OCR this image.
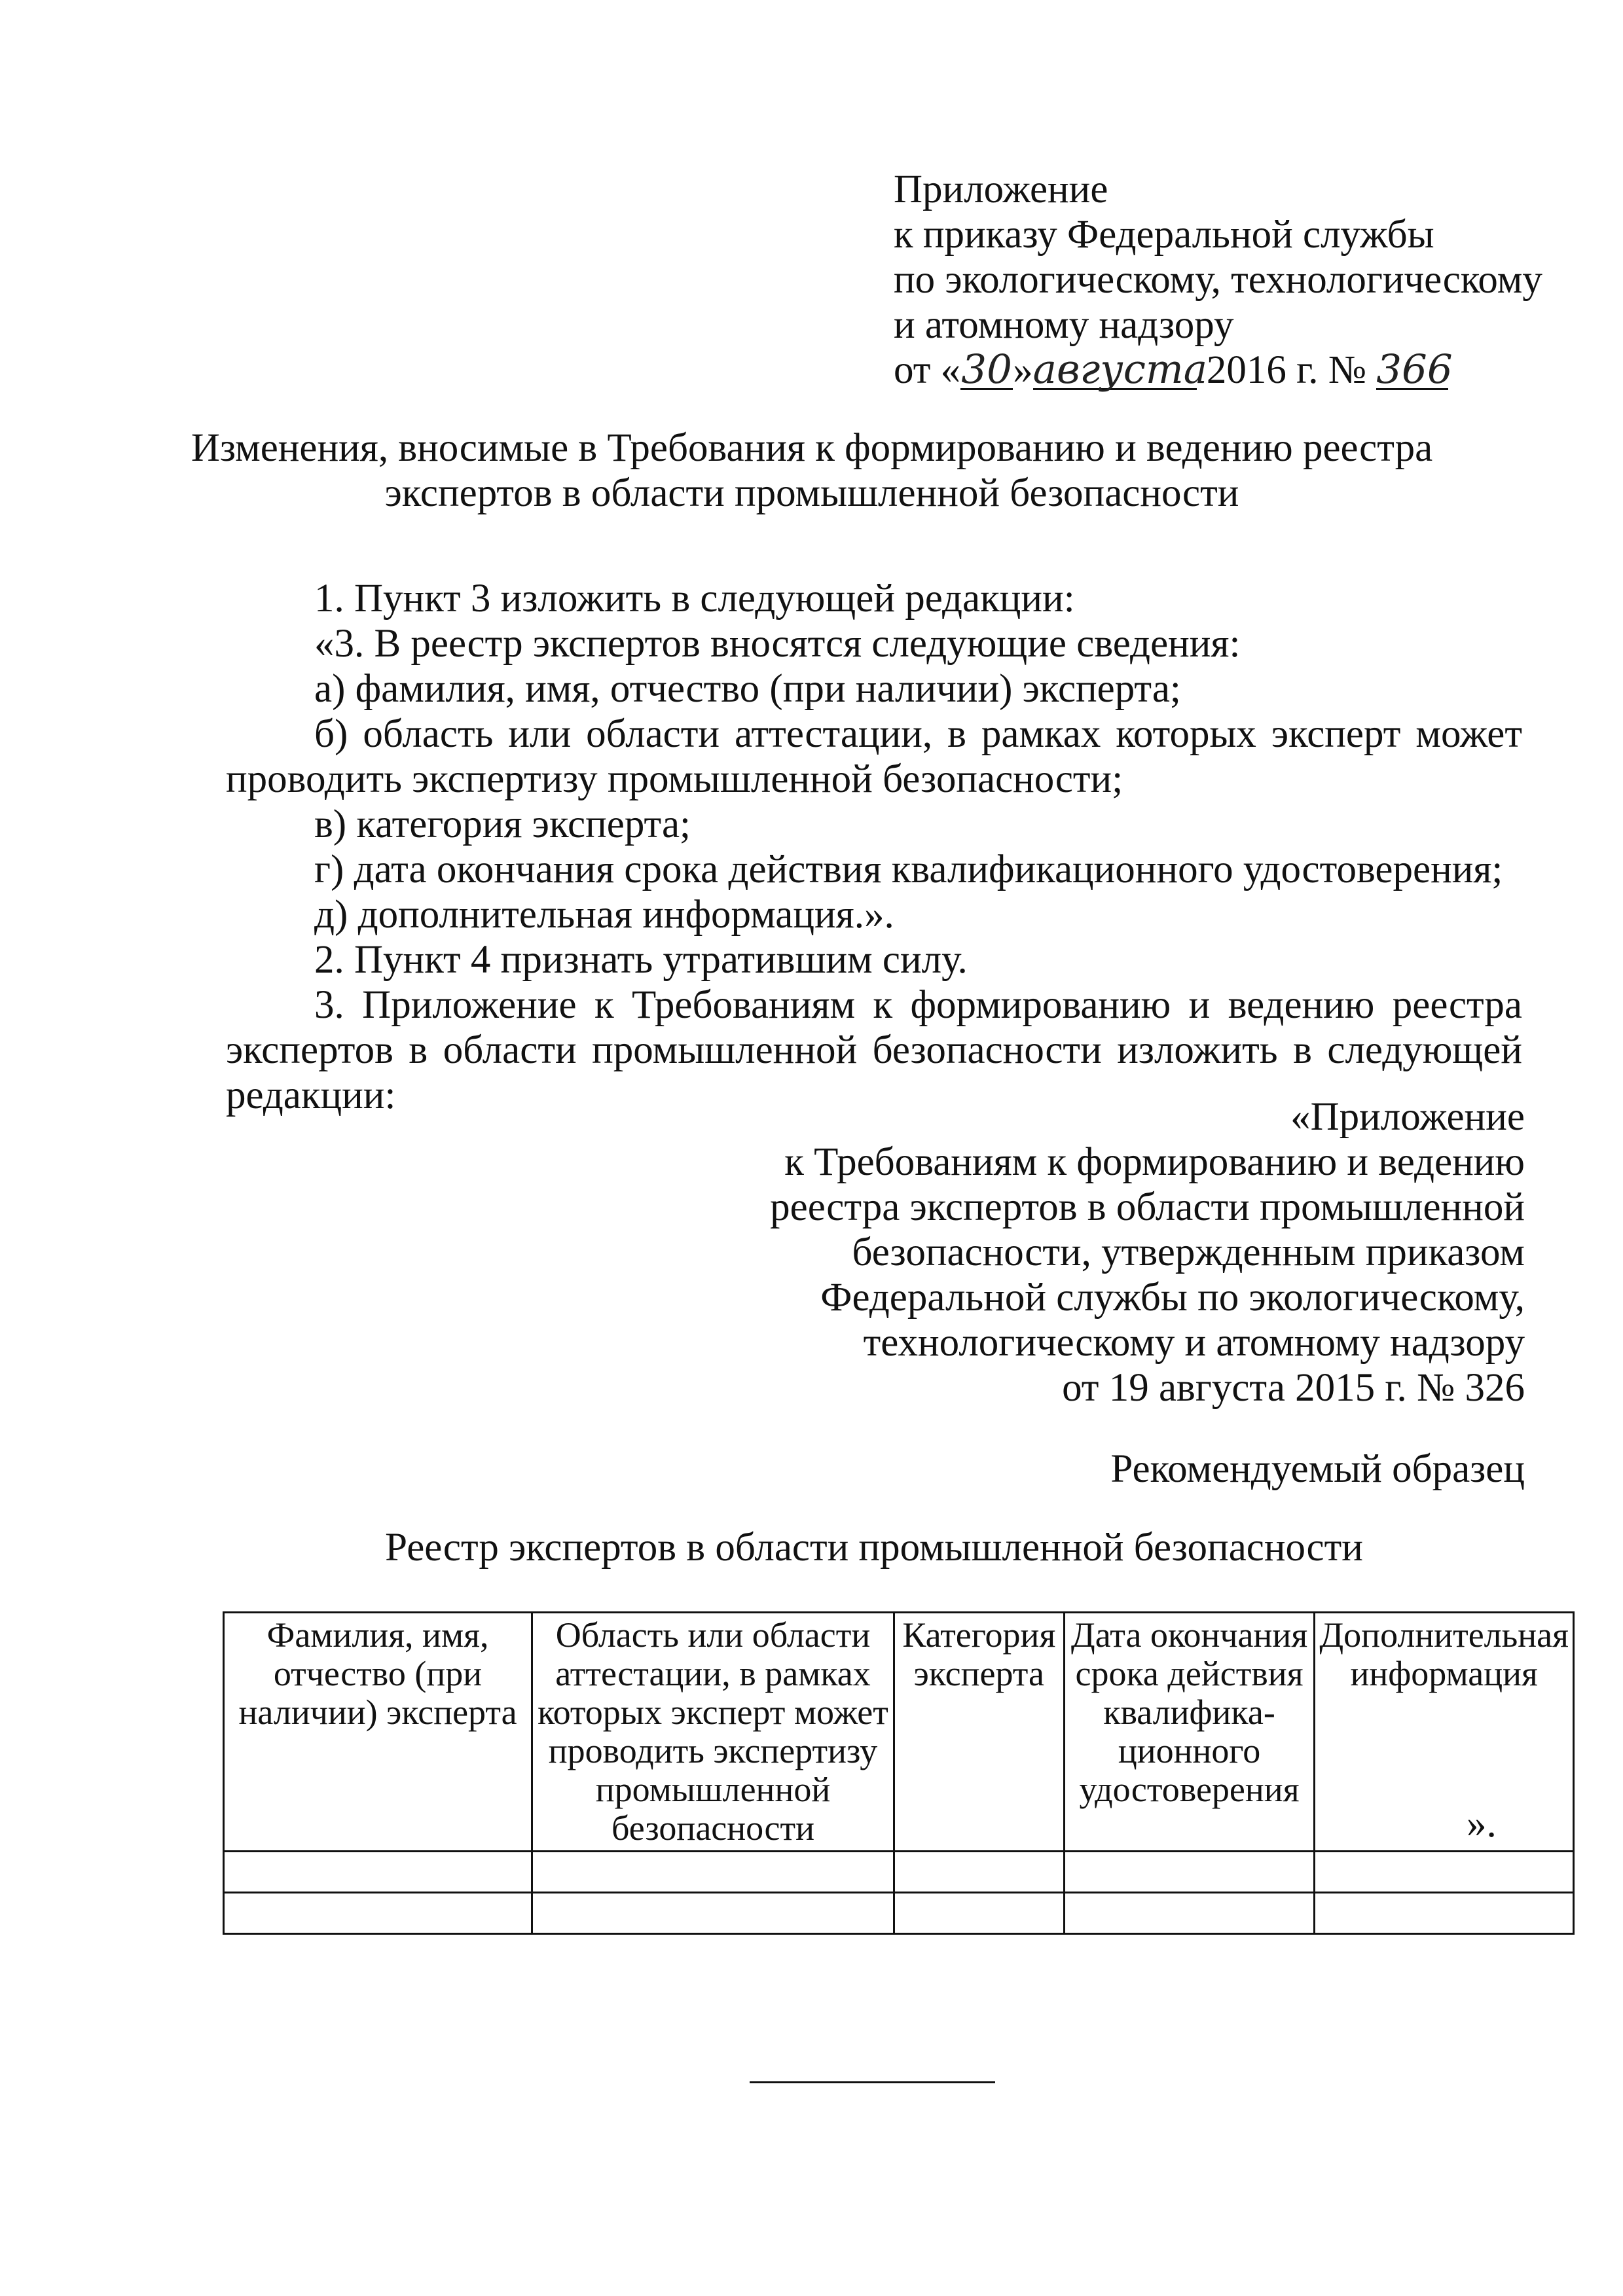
Приложение
к приказу Федеральной службы
по экологическому, технологическому
и атомному надзору
от «30»августа 2016 г. № 366
Изменения, вносимые в Требования к формированию и ведению реестра
экспертов в области промышленной безопасности
1. Пункт 3 изложить в следующей редакции:
«3. В реестр экспертов вносятся следующие сведения:
а) фамилия, имя, отчество (при наличии) эксперта;
б) область или области аттестации, в рамках которых эксперт может проводить экспертизу промышленной безопасности;
в) категория эксперта;
г) дата окончания срока действия квалификационного удостоверения;
д) дополнительная информация.».
2. Пункт 4 признать утратившим силу.
3. Приложение к Требованиям к формированию и ведению реестра экспертов в области промышленной безопасности изложить в следующей редакции:	«Приложение
к Требованиям к формированию и ведению
реестра экспертов в области промышленной
безопасности, утвержденным приказом
Федеральной службы по экологическому,
технологическому и атомному надзору
от 19 августа 2015 г. № 326
Рекомендуемый образец
Реестр экспертов в области промышленной безопасности
Фамилия, имя, отчество (при наличии) эксперта	Область или области аттестации, в рамках которых эксперт может проводить экспертизу промышленной безопасности	Категория эксперта	Дата окончания срока действия квалифика-ционного удостоверения	Дополнительная информация

».
